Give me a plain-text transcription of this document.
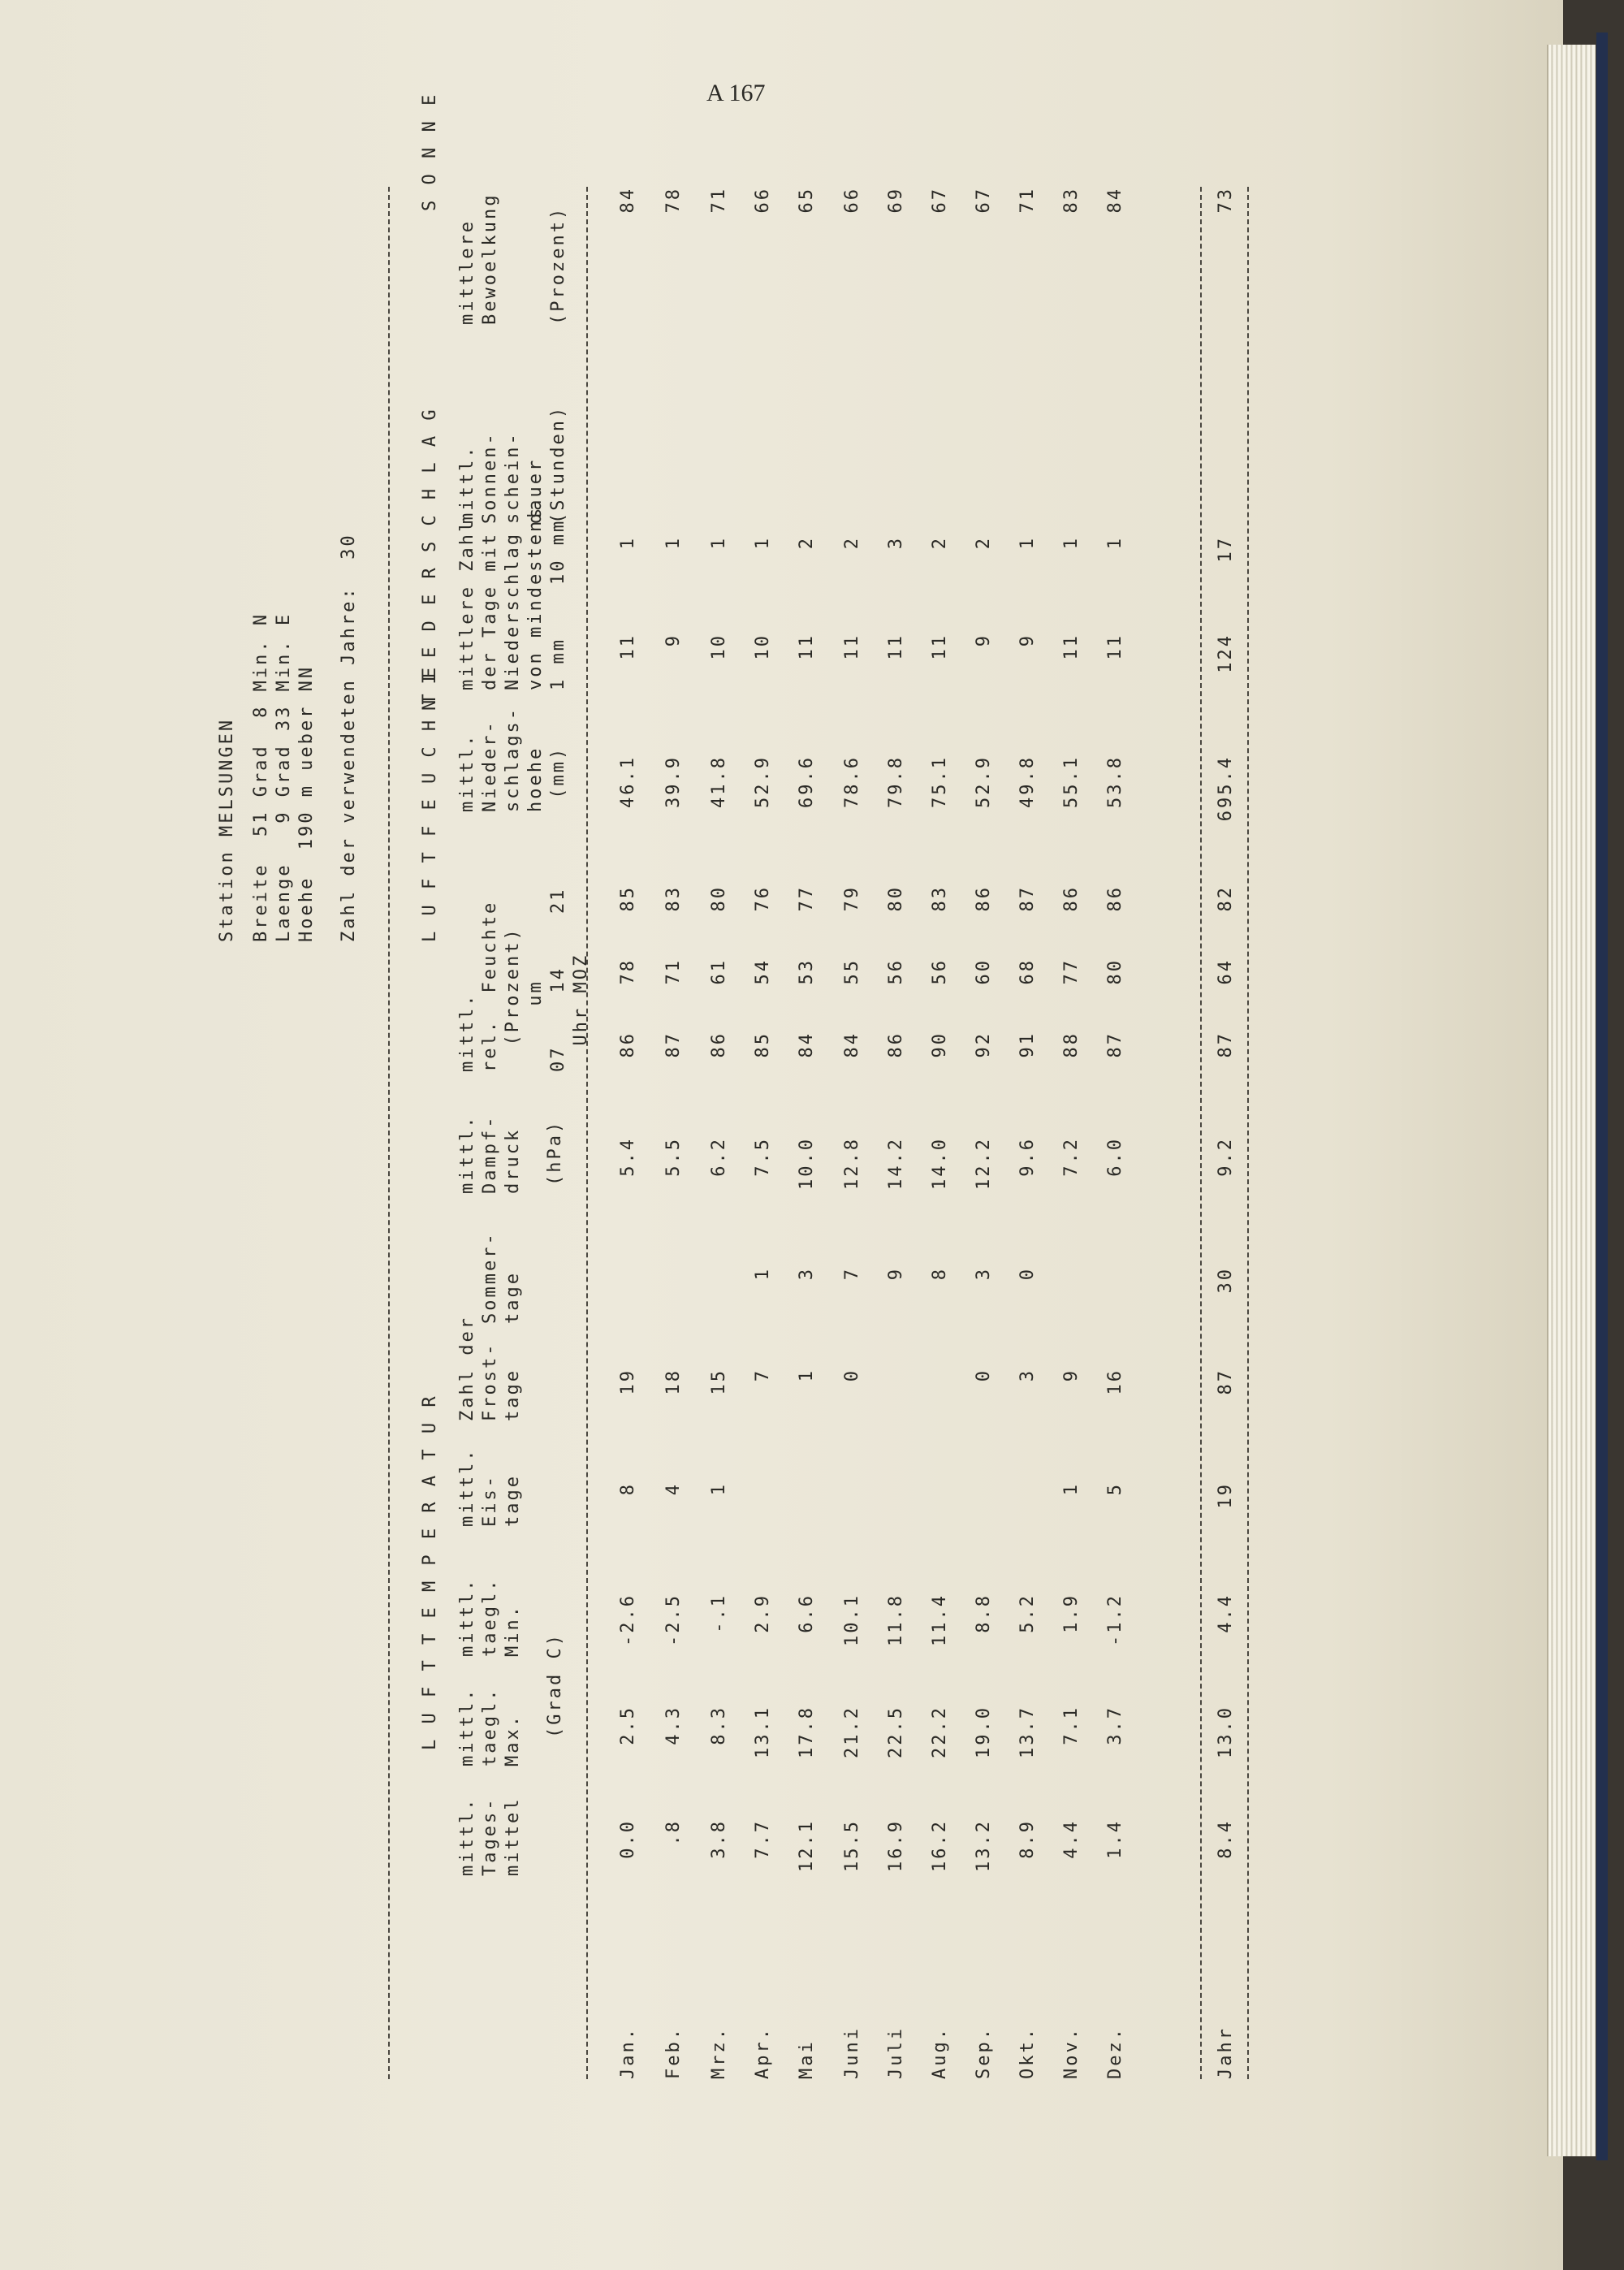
A 167

Station MELSUNGEN

Breite  51 Grad  8 Min. N

Laenge   9 Grad 33 Min. E

Hoehe  190 m ueber NN

Zahl der verwendeten Jahre:  30

L U F T T E M P E R A T U R

L U F T F E U C H T E

N I E D E R S C H L A G

S O N N E

mittl.
Tages-
mittel

mittl.
taegl.
Max.

mittl.
taegl.
Min.

(Grad C)

mittl.
Eis-
tage

Zahl der

Frost-
tage

Sommer-
tage

mittl.
Dampf-
druck

(hPa)

mittl.
rel.  Feuchte
(Prozent)
um
07    14    21
Uhr MOZ

mittl.
Nieder-
schlags-
hoehe
(mm)

mittlere Zahl
der Tage mit
Niederschlag
von mindestens
1 mm    10 mm

mittl.
Sonnen-
schein-
dauer
(Stunden)

mittlere
Bewoelkung

(Prozent)

Jan.
0.0
2.5
-2.6
8
19
5.4
86
78
85
46.1
11
1
84
Feb.
.8
4.3
-2.5
4
18
5.5
87
71
83
39.9
9
1
78
Mrz.
3.8
8.3
-.1
1
15
6.2
86
61
80
41.8
10
1
71
Apr.
7.7
13.1
2.9
7
1
7.5
85
54
76
52.9
10
1
66
Mai
12.1
17.8
6.6
1
3
10.0
84
53
77
69.6
11
2
65
Juni
15.5
21.2
10.1
0
7
12.8
84
55
79
78.6
11
2
66
Juli
16.9
22.5
11.8
9
14.2
86
56
80
79.8
11
3
69
Aug.
16.2
22.2
11.4
8
14.0
90
56
83
75.1
11
2
67
Sep.
13.2
19.0
8.8
0
3
12.2
92
60
86
52.9
9
2
67
Okt.
8.9
13.7
5.2
3
0
9.6
91
68
87
49.8
9
1
71
Nov.
4.4
7.1
1.9
1
9
7.2
88
77
86
55.1
11
1
83
Dez.
1.4
3.7
-1.2
5
16
6.0
87
80
86
53.8
11
1
84
Jahr
8.4
13.0
4.4
19
87
30
9.2
87
64
82
695.4
124
17
73
